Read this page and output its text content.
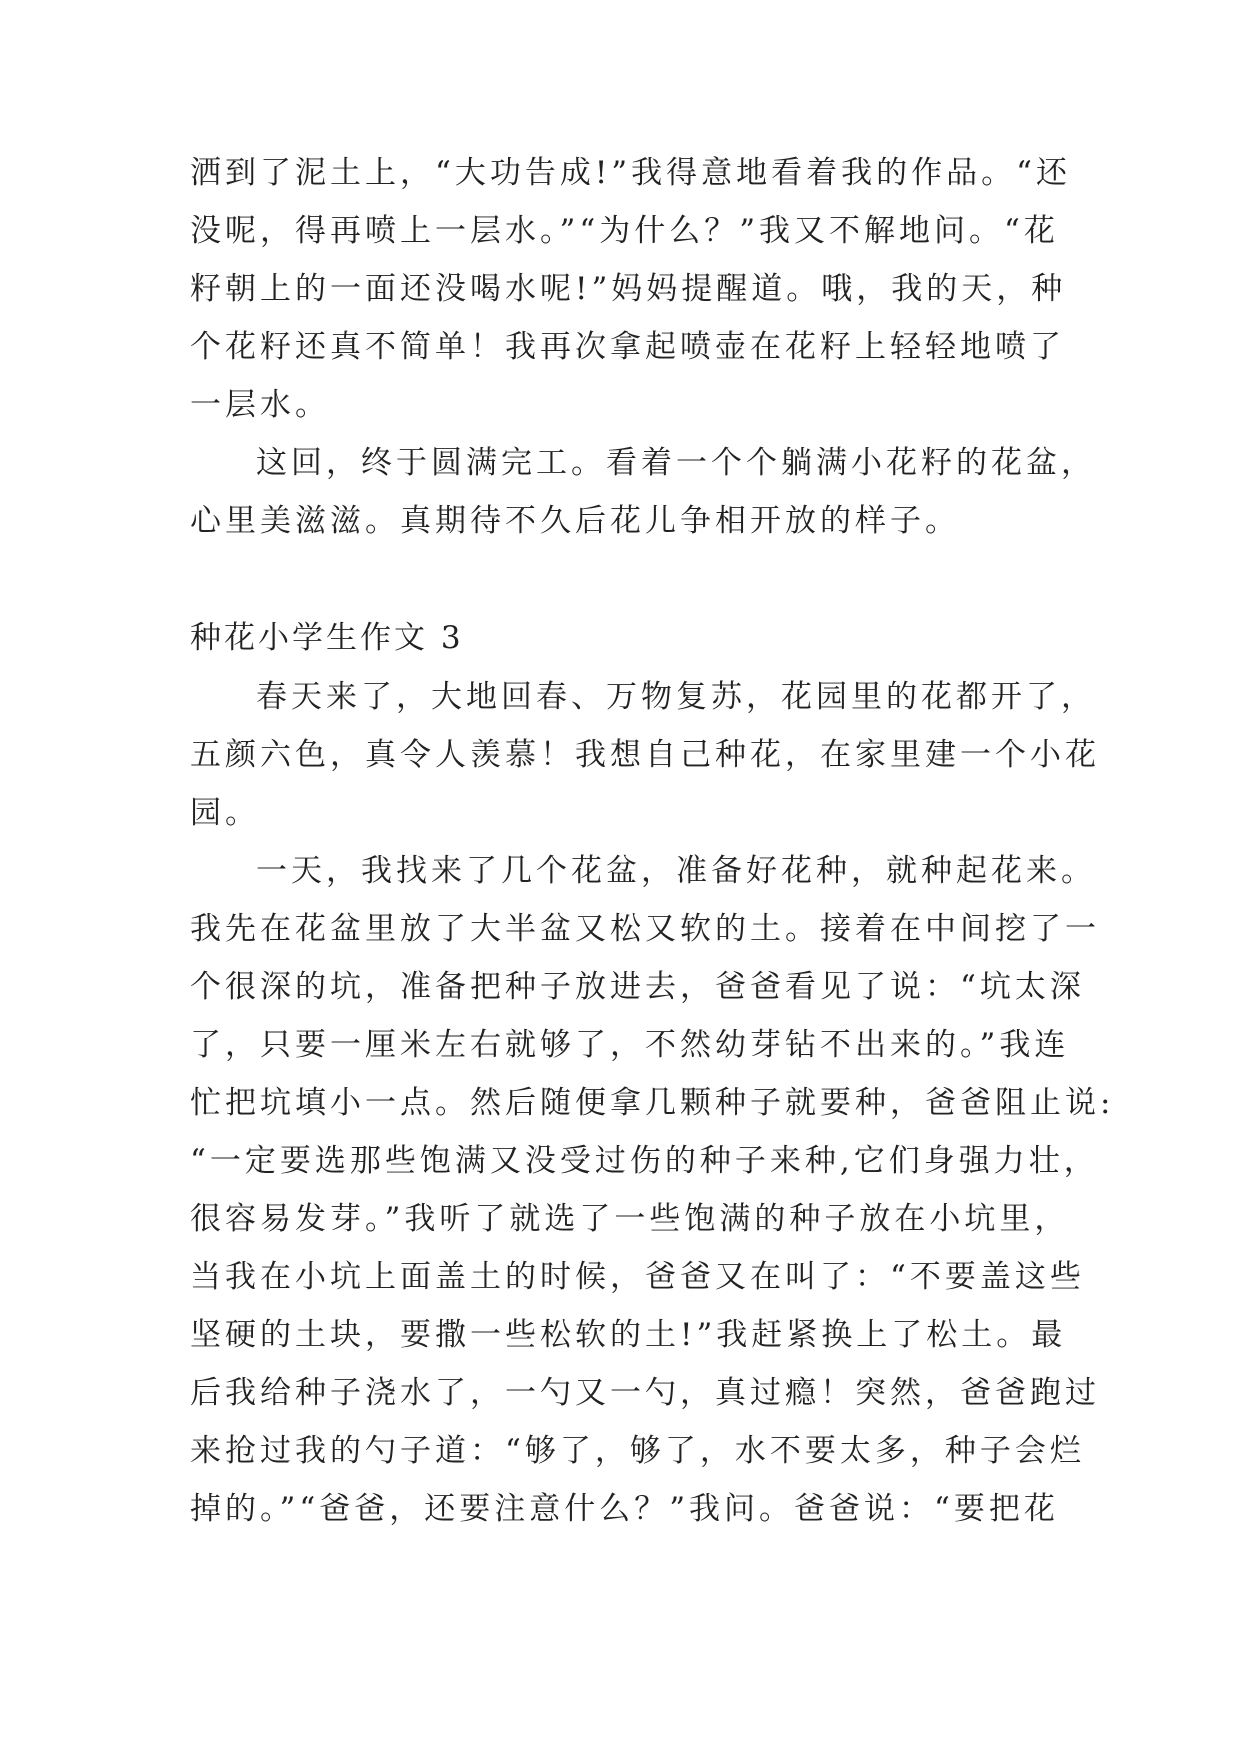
洒到了泥土上，“大功告成!”我得意地看着我的作品。“还
没呢，得再喷上一层水。”“为什么？”我又不解地问。“花
籽朝上的一面还没喝水呢!”妈妈提醒道。哦，我的天，种
个花籽还真不简单！我再次拿起喷壶在花籽上轻轻地喷了
一层水。
这回，终于圆满完工。看着一个个躺满小花籽的花盆，
心里美滋滋。真期待不久后花儿争相开放的样子。
种花小学生作文 3
春天来了，大地回春、万物复苏，花园里的花都开了，
五颜六色，真令人羡慕！我想自己种花，在家里建一个小花
园。
一天，我找来了几个花盆，准备好花种，就种起花来。
我先在花盆里放了大半盆又松又软的土。接着在中间挖了一
个很深的坑，准备把种子放进去，爸爸看见了说：“坑太深
了，只要一厘米左右就够了，不然幼芽钻不出来的。”我连
忙把坑填小一点。然后随便拿几颗种子就要种，爸爸阻止说:
“一定要选那些饱满又没受过伤的种子来种,它们身强力壮，
很容易发芽。”我听了就选了一些饱满的种子放在小坑里，
当我在小坑上面盖土的时候，爸爸又在叫了：“不要盖这些
坚硬的土块，要撒一些松软的土!”我赶紧换上了松土。最
后我给种子浇水了，一勺又一勺，真过瘾！突然，爸爸跑过
来抢过我的勺子道：“够了，够了，水不要太多，种子会烂
掉的。”“爸爸，还要注意什么？”我问。爸爸说：“要把花
